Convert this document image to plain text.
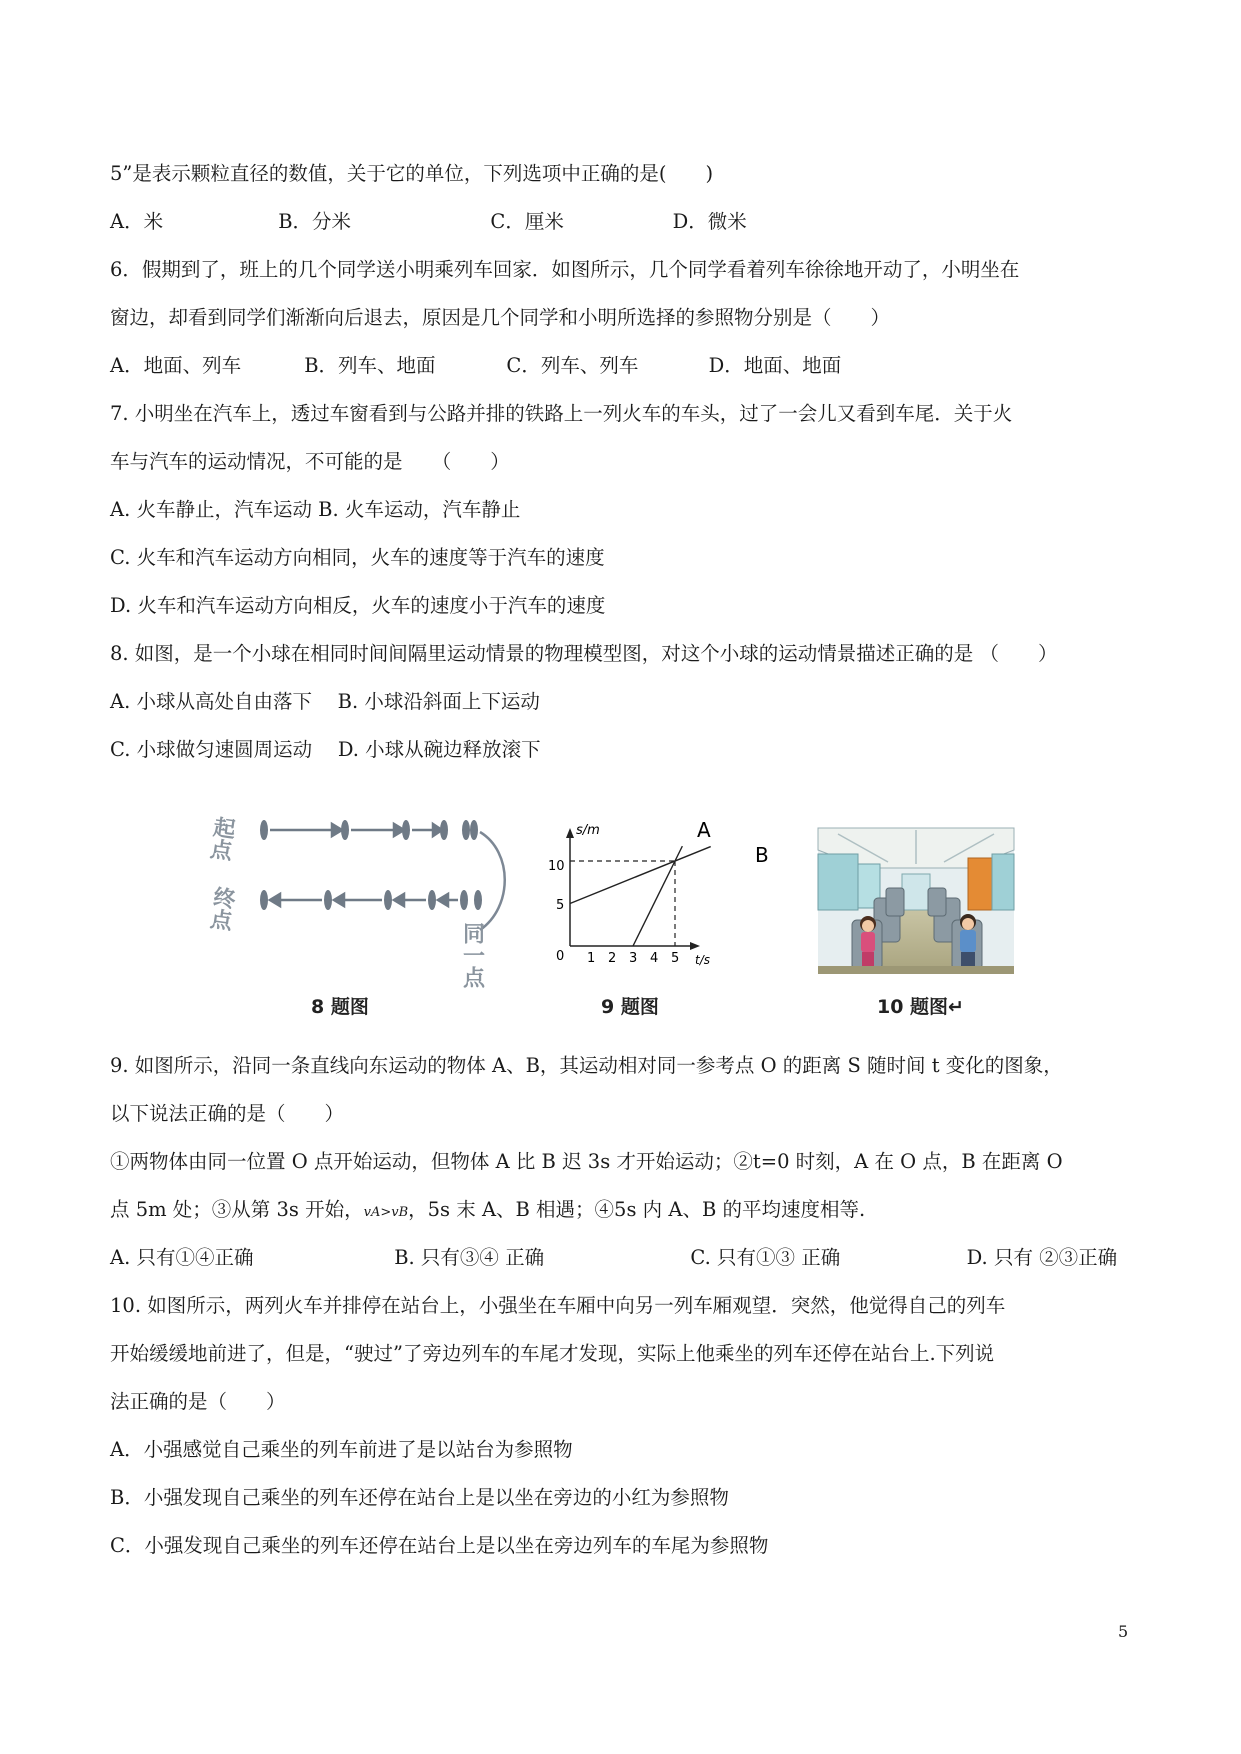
5”是表示颗粒直径的数值，关于它的单位，下列选项中正确的是(　　)
A．米	B．分米	C．厘米	D．微米
6．假期到了，班上的几个同学送小明乘列车回家．如图所示，几个同学看着列车徐徐地开动了，小明坐在
窗边，却看到同学们渐渐向后退去，原因是几个同学和小明所选择的参照物分别是（　　）
A．地面、列车	B．列车、地面	C．列车、列车	D．地面、地面
7. 小明坐在汽车上，透过车窗看到与公路并排的铁路上一列火车的车头，过了一会儿又看到车尾．关于火
车与汽车的运动情况，不可能的是　　（　　）
A. 火车静止，汽车运动 B. 火车运动，汽车静止
C. 火车和汽车运动方向相同，火车的速度等于汽车的速度
D. 火车和汽车运动方向相反，火车的速度小于汽车的速度
8. 如图，是一个小球在相同时间间隔里运动情景的物理模型图，对这个小球的运动情景描述正确的是 （　　）
A. 小球从高处自由落下　 B. 小球沿斜面上下运动
C. 小球做匀速圆周运动　 D. 小球从碗边释放滚下
起点
终点
同一点
8 题图
s/m
t/s
10
5
0 1 2 3 4 5
A
B
9 题图	10 题图↵
9. 如图所示，沿同一条直线向东运动的物体 A、B，其运动相对同一参考点 O 的距离 S 随时间 t 变化的图象，
以下说法正确的是（　　）
①两物体由同一位置 O 点开始运动，但物体 A 比 B 迟 3s 才开始运动；②t=0 时刻，A 在 O 点，B 在距离 O
点 5m 处；③从第 3s 开始，vA>vB，5s 末 A、B 相遇；④5s 内 A、B 的平均速度相等.
A. 只有①④正确	B. 只有③④ 正确	C. 只有①③ 正确	D. 只有 ②③正确
10. 如图所示，两列火车并排停在站台上，小强坐在车厢中向另一列车厢观望．突然，他觉得自己的列车
开始缓缓地前进了，但是，“驶过”了旁边列车的车尾才发现，实际上他乘坐的列车还停在站台上.下列说
法正确的是（　　）
A．小强感觉自己乘坐的列车前进了是以站台为参照物
B．小强发现自己乘坐的列车还停在站台上是以坐在旁边的小红为参照物
C．小强发现自己乘坐的列车还停在站台上是以坐在旁边列车的车尾为参照物
5
